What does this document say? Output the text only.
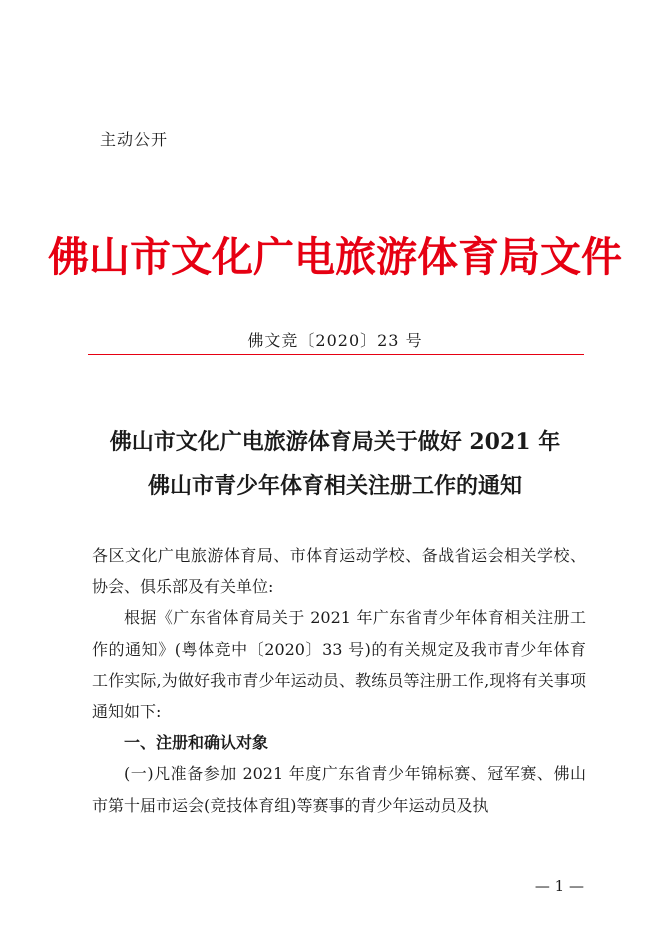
主动公开
佛山市文化广电旅游体育局文件
佛文竞〔2020〕23 号
佛山市文化广电旅游体育局关于做好 2021 年
佛山市青少年体育相关注册工作的通知

各区文化广电旅游体育局、市体育运动学校、备战省运会相关学校、协会、俱乐部及有关单位:

根据《广东省体育局关于 2021 年广东省青少年体育相关注册工作的通知》(粤体竞中〔2020〕33 号)的有关规定及我市青少年体育工作实际,为做好我市青少年运动员、教练员等注册工作,现将有关事项通知如下:

一、注册和确认对象

(一)凡准备参加 2021 年度广东省青少年锦标赛、冠军赛、佛山市第十届市运会(竞技体育组)等赛事的青少年运动员及执

— 1 —
